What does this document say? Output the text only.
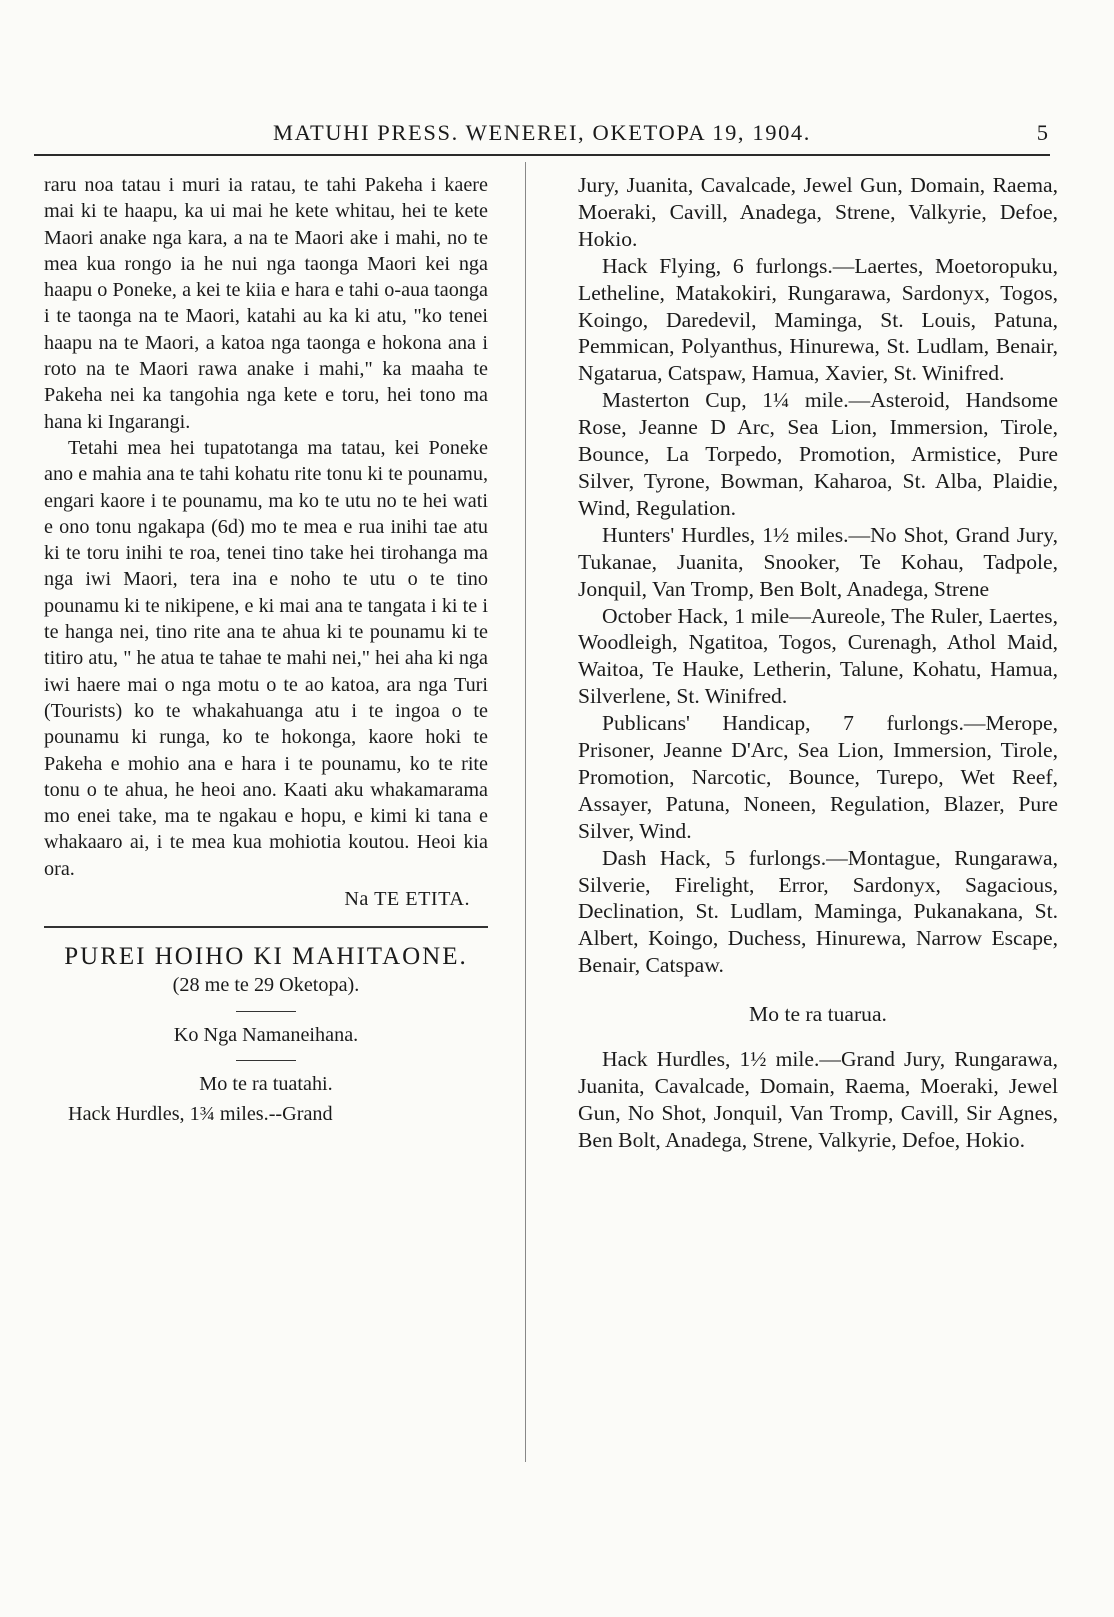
MATUHI PRESS. WENEREI, OKETOPA 19, 1904.	5

raru noa tatau i muri ia ratau, te tahi Pakeha i kaere mai ki te haapu, ka ui mai he kete whitau, hei te kete Maori anake nga kara, a na te Maori ake i mahi, no te mea kua rongo ia he nui nga taonga Maori kei nga haapu o Poneke, a kei te kiia e hara e tahi o-aua taonga i te taonga na te Maori, katahi au ka ki atu, "ko tenei haapu na te Maori, a katoa nga taonga e hokona ana i roto na te Maori rawa anake i mahi," ka maaha te Pakeha nei ka tangohia nga kete e toru, hei tono ma hana ki Ingarangi.

Tetahi mea hei tupatotanga ma tatau, kei Poneke ano e mahia ana te tahi kohatu rite tonu ki te pounamu, engari kaore i te pounamu, ma ko te utu no te hei wati e ono tonu ngakapa (6d) mo te mea e rua inihi tae atu ki te toru inihi te roa, tenei tino take hei tirohanga ma nga iwi Maori, tera ina e noho te utu o te tino pounamu ki te nikipene, e ki mai ana te tangata i ki te i te hanga nei, tino rite ana te ahua ki te pounamu ki te titiro atu, " he atua te tahae te mahi nei," hei aha ki nga iwi haere mai o nga motu o te ao katoa, ara nga Turi (Tourists) ko te whakahuanga atu i te ingoa o te pounamu ki runga, ko te hokonga, kaore hoki te Pakeha e mohio ana e hara i te pounamu, ko te rite tonu o te ahua, he heoi ano. Kaati aku whakamarama mo enei take, ma te ngakau e hopu, e kimi ki tana e whakaaro ai, i te mea kua mohiotia koutou. Heoi kia ora.

Na TE ETITA.

PUREI HOIHO KI MAHITAONE.

(28 me te 29 Oketopa).

Ko Nga Namaneihana.

Mo te ra tuatahi.

Hack Hurdles, 1¾ miles.--Grand

Jury, Juanita, Cavalcade, Jewel Gun, Domain, Raema, Moeraki, Cavill, Anadega, Strene, Valkyrie, Defoe, Hokio.

Hack Flying, 6 furlongs.—Laertes, Moetoropuku, Letheline, Matakokiri, Rungarawa, Sardonyx, Togos, Koingo, Daredevil, Maminga, St. Louis, Patuna, Pemmican, Polyanthus, Hinurewa, St. Ludlam, Benair, Ngatarua, Catspaw, Hamua, Xavier, St. Winifred.

Masterton Cup, 1¼ mile.—Asteroid, Handsome Rose, Jeanne D Arc, Sea Lion, Immersion, Tirole, Bounce, La Torpedo, Promotion, Armistice, Pure Silver, Tyrone, Bowman, Kaharoa, St. Alba, Plaidie, Wind, Regulation.

Hunters' Hurdles, 1½ miles.—No Shot, Grand Jury, Tukanae, Juanita, Snooker, Te Kohau, Tadpole, Jonquil, Van Tromp, Ben Bolt, Anadega, Strene

October Hack, 1 mile—Aureole, The Ruler, Laertes, Woodleigh, Ngatitoa, Togos, Curenagh, Athol Maid, Waitoa, Te Hauke, Letherin, Talune, Kohatu, Hamua, Silverlene, St. Winifred.

Publicans' Handicap, 7 furlongs.—Merope, Prisoner, Jeanne D'Arc, Sea Lion, Immersion, Tirole, Promotion, Narcotic, Bounce, Turepo, Wet Reef, Assayer, Patuna, Noneen, Regulation, Blazer, Pure Silver, Wind.

Dash Hack, 5 furlongs.—Montague, Rungarawa, Silverie, Firelight, Error, Sardonyx, Sagacious, Declination, St. Ludlam, Maminga, Pukanakana, St. Albert, Koingo, Duchess, Hinurewa, Narrow Escape, Benair, Catspaw.

Mo te ra tuarua.

Hack Hurdles, 1½ mile.—Grand Jury, Rungarawa, Juanita, Cavalcade, Domain, Raema, Moeraki, Jewel Gun, No Shot, Jonquil, Van Tromp, Cavill, Sir Agnes, Ben Bolt, Anadega, Strene, Valkyrie, Defoe, Hokio.
